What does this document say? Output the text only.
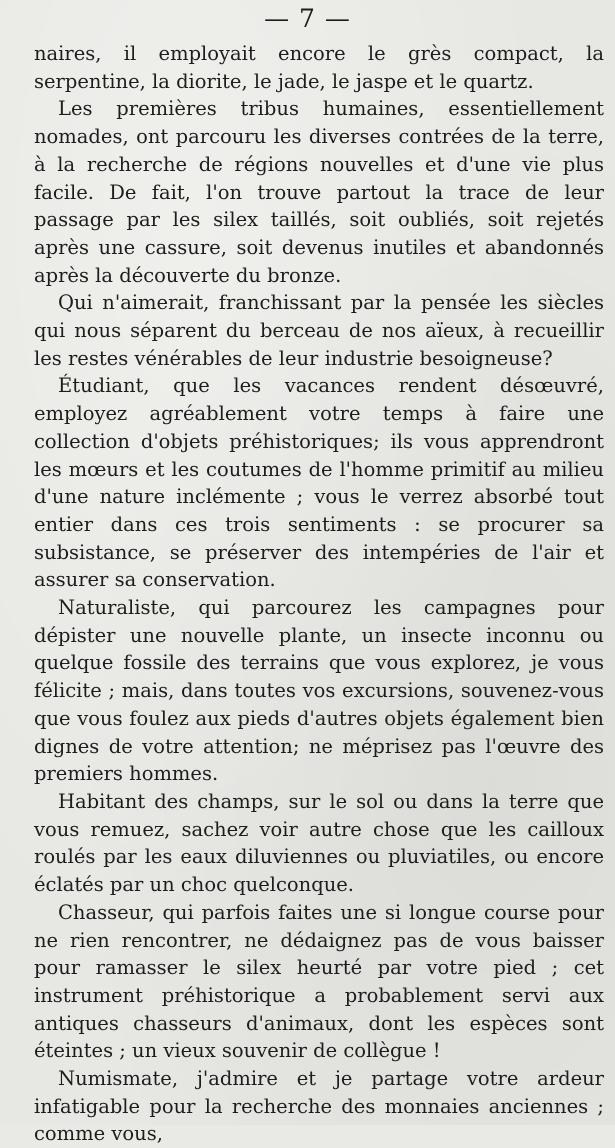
— 7 —

naires, il employait encore le grès compact, la serpentine, la diorite, le jade, le jaspe et le quartz.

Les premières tribus humaines, essentiellement nomades, ont parcouru les diverses contrées de la terre, à la recherche de régions nouvelles et d'une vie plus facile. De fait, l'on trouve partout la trace de leur passage par les silex taillés, soit oubliés, soit rejetés après une cassure, soit devenus inutiles et abandonnés après la découverte du bronze.

Qui n'aimerait, franchissant par la pensée les siècles qui nous séparent du berceau de nos aïeux, à recueillir les restes vénérables de leur industrie besoigneuse?

Étudiant, que les vacances rendent désœuvré, employez agréablement votre temps à faire une collection d'objets préhistoriques; ils vous apprendront les mœurs et les coutumes de l'homme primitif au milieu d'une nature inclémente ; vous le verrez absorbé tout entier dans ces trois sentiments : se procurer sa subsistance, se préserver des intempéries de l'air et assurer sa conservation.

Naturaliste, qui parcourez les campagnes pour dépister une nouvelle plante, un insecte inconnu ou quelque fossile des terrains que vous explorez, je vous félicite ; mais, dans toutes vos excursions, souvenez-vous que vous foulez aux pieds d'autres objets également bien dignes de votre attention; ne méprisez pas l'œuvre des premiers hommes.

Habitant des champs, sur le sol ou dans la terre que vous remuez, sachez voir autre chose que les cailloux roulés par les eaux diluviennes ou pluviatiles, ou encore éclatés par un choc quelconque.

Chasseur, qui parfois faites une si longue course pour ne rien rencontrer, ne dédaignez pas de vous baisser pour ramasser le silex heurté par votre pied ; cet instrument préhistorique a probablement servi aux antiques chasseurs d'animaux, dont les espèces sont éteintes ; un vieux souvenir de collègue !

Numismate, j'admire et je partage votre ardeur infatigable pour la recherche des monnaies anciennes ; comme vous,
